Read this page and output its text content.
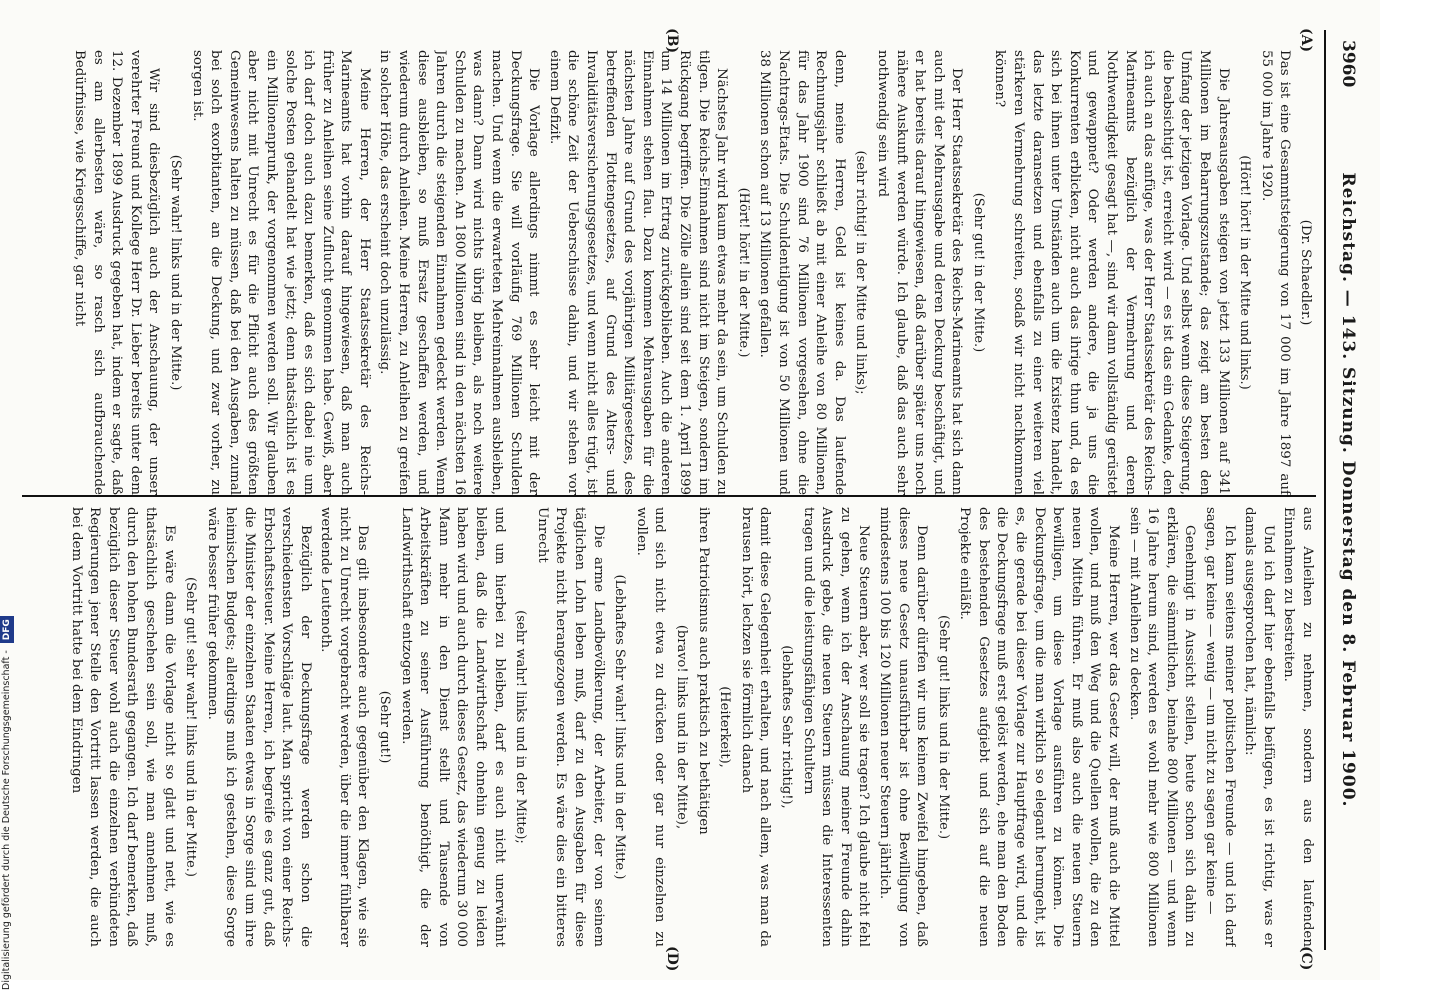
3960
Reichstag. — 143. Sitzung. Donnerstag den 8. Februar 1900.
(A)
(B)
(C)
(D)

(Dr. Schaedler.)

Das ist eine Gesammtsteigerung von 17 000 im Jahre 1897 auf 55 000 im Jahre 1920.

(Hört! hört! in der Mitte und links.)

Die Jahresausgaben steigen von jetzt 133 Millionen auf 341 Millionen im Beharrungszustande; das zeigt am besten den Umfang der jetzigen Vorlage. Und selbst wenn diese Steigerung, die beabsichtigt ist, erreicht wird — es ist das ein Gedanke, den ich auch an das anfüge, was der Herr Staatssekretär des Reichs-Marineamts bezüglich der Vermehrung und deren Nothwendigkeit gesagt hat —, sind wir dann vollständig gerüstet und gewappnet? Oder werden andere, die ja uns die Konkurrenten erblicken, nicht auch das ihrige thun und, da es sich bei ihnen unter Umständen auch um die Existenz handelt, das letzte daransetzen und ebenfalls zu einer weiteren viel stärkeren Vermehrung schreiten, sodaß wir nicht nachkommen können?

(Sehr gut! in der Mitte.)

Der Herr Staatssekretär des Reichs-Marineamts hat sich dann auch mit der Mehrausgabe und deren Deckung beschäftigt, und er hat bereits darauf hingewiesen, daß darüber später uns noch nähere Auskunft werden würde. Ich glaube, daß das auch sehr nothwendig sein wird

(sehr richtig! in der Mitte und links);

denn, meine Herren, Geld ist keines da. Das laufende Rechnungsjahr schließt ab mit einer Anleihe von 80 Millionen, für das Jahr 1900 sind 76 Millionen vorgesehen, ohne die Nachtrags-Etats. Die Schuldentilgung ist von 50 Millionen und 38 Millionen schon auf 13 Millionen gefallen.

(Hört! hört! in der Mitte.)

Nächstes Jahr wird kaum etwas mehr da sein, um Schulden zu tilgen. Die Reichs-Einnahmen sind nicht im Steigen, sondern im Rückgang begriffen. Die Zölle allein sind seit dem 1. April 1899 um 14 Millionen im Ertrag zurückgeblieben. Auch die anderen Einnahmen stehen flau. Dazu kommen Mehrausgaben für die nächsten Jahre auf Grund des vorjährigen Militärgesetzes, des betreffenden Flottengesetzes, auf Grund des Alters- und Invaliditätsversicherungsgesetzes, und wenn nicht alles trügt, ist die schöne Zeit der Ueberschüsse dahin, und wir stehen vor einem Defizit.

Die Vorlage allerdings nimmt es sehr leicht mit der Deckungsfrage. Sie will vorläufig 769 Millionen Schulden machen. Und wenn die erwarteten Mehreinnahmen ausbleiben, was dann? Dann wird nichts übrig bleiben, als noch weitere Schulden zu machen. An 1800 Millionen sind in den nächsten 16 Jahren durch die steigenden Einnahmen gedeckt werden. Wenn diese ausbleiben, so muß Ersatz geschaffen werden, und wiederum durch Anleihen. Meine Herren, zu Anleihen zu greifen in solcher Höhe, das erscheint doch unzulässig.

Meine Herren, der Herr Staatssekretär des Reichs-Marineamts hat vorhin darauf hingewiesen, daß man auch früher zu Anleihen seine Zuflucht genommen habe. Gewiß, aber ich darf doch auch dazu bemerken, daß es sich dabei nie um solche Posten gehandelt hat wie jetzt; denn thatsächlich ist es ein Millionenprunk, der vorgenommen werden soll. Wir glauben aber nicht mit Unrecht es für die Pflicht auch des größten Gemeinwesens halten zu müssen, daß bei den Ausgaben, zumal bei solch exorbitanten, an die Deckung, und zwar vorher, zu sorgen ist.

(Sehr wahr! links und in der Mitte.)

Wir sind diesbezüglich auch der Anschauung, der unser verehrter Freund und Kollege Herr Dr. Lieber bereits unter dem 12. Dezember 1899 Ausdruck gegeben hat, indem er sagte, daß es am allerbesten wäre, so rasch sich aufbrauchende Bedürfnisse, wie Kriegsschiffe, gar nicht

aus Anleihen zu nehmen, sondern aus den laufenden Einnahmen zu bestreiten.

Und ich darf hier ebenfalls beifügen, es ist richtig, was er damals ausgesprochen hat, nämlich:

Ich kann seitens meiner politischen Freunde — und ich darf sagen, gar keine — wenig — um nicht zu sagen gar keine —

Genehmigt in Aussicht stellen, heute schon sich dahin zu erklären, die sämmtlichen, beinahe 800 Millionen — und wenn 16 Jahre herum sind, werden es wohl mehr wie 800 Millionen sein — mit Anleihen zu decken.

Meine Herren, wer das Gesetz will, der muß auch die Mittel wollen, und muß den Weg und die Quellen wollen, die zu den neuen Mitteln führen. Er muß also auch die neuen Steuern bewilligen, um diese Vorlage ausführen zu können. Die Deckungsfrage, um die man wirklich so elegant herumgeht, ist es, die gerade bei dieser Vorlage zur Hauptfrage wird, und die die Deckungsfrage muß erst gelöst werden, ehe man den Boden des bestehenden Gesetzes aufgiebt und sich auf die neuen Projekte einläßt.

(Sehr gut! links und in der Mitte.)

Denn darüber dürfen wir uns keinem Zweifel hingeben, daß dieses neue Gesetz unausführbar ist ohne Bewilligung von mindestens 100 bis 120 Millionen neuer Steuern jährlich.

Neue Steuern aber, wer soll sie tragen? Ich glaube nicht fehl zu gehen, wenn ich der Anschauung meiner Freunde dahin Ausdruck gebe, die neuen Steuern müssen die Interessenten tragen und die leistungsfähigen Schultern

(lebhaftes Sehr richtig!),

damit diese Gelegenheit erhalten, und nach allem, was man da brausen hört, lechzen sie förmlich danach

(Heiterkeit),

ihren Patriotismus auch praktisch zu bethätigen

(bravo! links und in der Mitte),

und sich nicht etwa zu drücken oder gar nur einzelnen zu wollen.

(Lebhaftes Sehr wahr! links und in der Mitte.)

Die arme Landbevölkerung, der Arbeiter, der von seinem täglichen Lohn leben muß, darf zu den Ausgaben für diese Projekte nicht herangezogen werden. Es wäre dies ein bitteres Unrecht

(sehr wahr! links und in der Mitte);

und um hierbei zu bleiben, darf es auch nicht unerwähnt bleiben, daß die Landwirthschaft ohnehin genug zu leiden haben wird und auch durch dieses Gesetz, das wiederum 30 000 Mann mehr in den Dienst stellt und Tausende von Arbeitskräften zu seiner Ausführung benöthigt, die der Landwirthschaft entzogen werden.

(Sehr gut!)

Das gilt insbesondere auch gegenüber den Klagen, wie sie nicht zu Unrecht vorgebracht werden, über die immer fühlbarer werdende Leutenoth.

Bezüglich der Deckungsfrage werden schon die verschiedensten Vorschläge laut. Man spricht von einer Reichs-Erbschaftssteuer. Meine Herren, ich begreife es ganz gut, daß die Minister der einzelnen Staaten etwas in Sorge sind um ihre heimischen Budgets; allerdings muß ich gestehen, diese Sorge wäre besser früher gekommen.

(Sehr gut! sehr wahr! links und in der Mitte.)

Es wäre dann die Vorlage nicht so glatt und nett, wie es thatsächlich geschehen sein soll, wie man annehmen muß, durch den hohen Bundesrath gegangen. Ich darf bemerken, daß bezüglich dieser Steuer wohl auch die einzelnen verbündeten Regierungen jener Stelle den Vortritt lassen werden, die auch bei dem Vortritt hatte bei dem Eindringen

Digitalisierung gefördert durch die Deutsche Forschungsgemeinschaft - DFG
